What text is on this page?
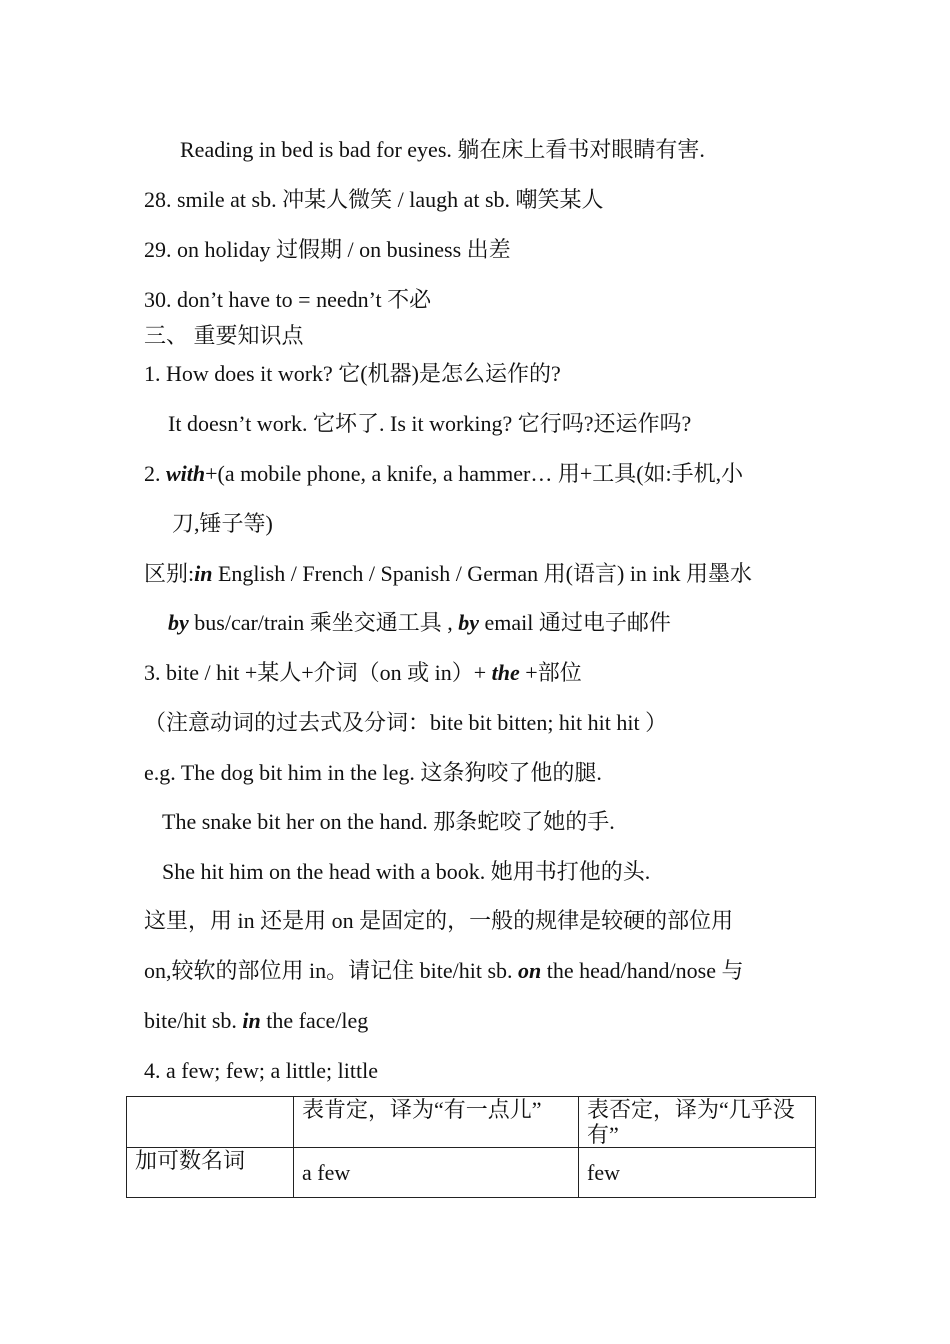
Reading in bed is bad for eyes. 躺在床上看书对眼睛有害.
28. smile at sb. 冲某人微笑 / laugh at sb. 嘲笑某人
29. on holiday 过假期 / on business 出差
30. don’t have to = needn’t 不必
三、 重要知识点
1. How does it work? 它(机器)是怎么运作的?
It doesn’t work. 它坏了. Is it working? 它行吗?还运作吗?
2. with+(a mobile phone, a knife, a hammer… 用+工具(如:手机,小
刀,锤子等)
区别:in English / French / Spanish / German 用(语言) in ink 用墨水
by bus/car/train 乘坐交通工具 , by email 通过电子邮件
3. bite / hit +某人+介词（on 或 in）+ the +部位
（注意动词的过去式及分词：bite bit bitten; hit hit hit ）
e.g. The dog bit him in the leg. 这条狗咬了他的腿.
The snake bit her on the hand. 那条蛇咬了她的手.
She hit him on the head with a book. 她用书打他的头.
这里，用 in 还是用 on 是固定的，一般的规律是较硬的部位用
on,较软的部位用 in。请记住 bite/hit sb. on the head/hand/nose 与
bite/hit sb. in the face/leg
4. a few; few; a little; little
	表肯定，译为“有一点儿”	表否定，译为“几乎没有”
加可数名词	a few	few
